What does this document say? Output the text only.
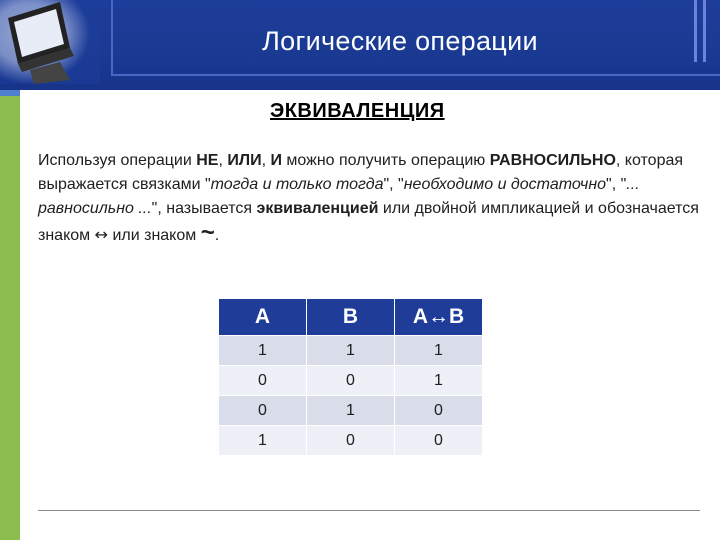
Логические операции
ЭКВИВАЛЕНЦИЯ
Используя операции НЕ, ИЛИ, И можно получить операцию РАВНОСИЛЬНО, которая выражается связками "тогда и только тогда", "необходимо и достаточно", "... равносильно ...", называется эквиваленцией или двойной импликацией и обозначается знаком ↔ или знаком ~.
A	B	A↔B
1	1	1
0	0	1
0	1	0
1	0	0
